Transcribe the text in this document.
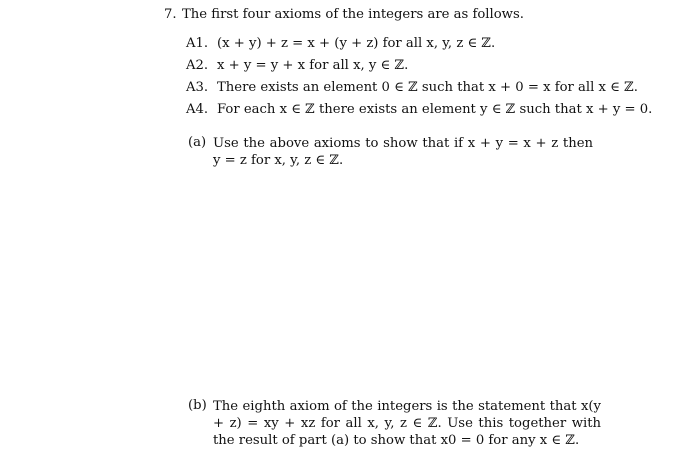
7. The first four axioms of the integers are as follows.
A1. (x + y) + z = x + (y + z) for all x, y, z ∈ ℤ.
A2. x + y = y + x for all x, y ∈ ℤ.
A3. There exists an element 0 ∈ ℤ such that x + 0 = x for all x ∈ ℤ.
A4. For each x ∈ ℤ there exists an element y ∈ ℤ such that x + y = 0.
(a) Use the above axioms to show that if x + y = x + z then y = z for x, y, z ∈ ℤ.
(b) The eighth axiom of the integers is the statement that x(y + z) = xy + xz for all x, y, z ∈ ℤ. Use this together with the result of part (a) to show that x0 = 0 for any x ∈ ℤ.
